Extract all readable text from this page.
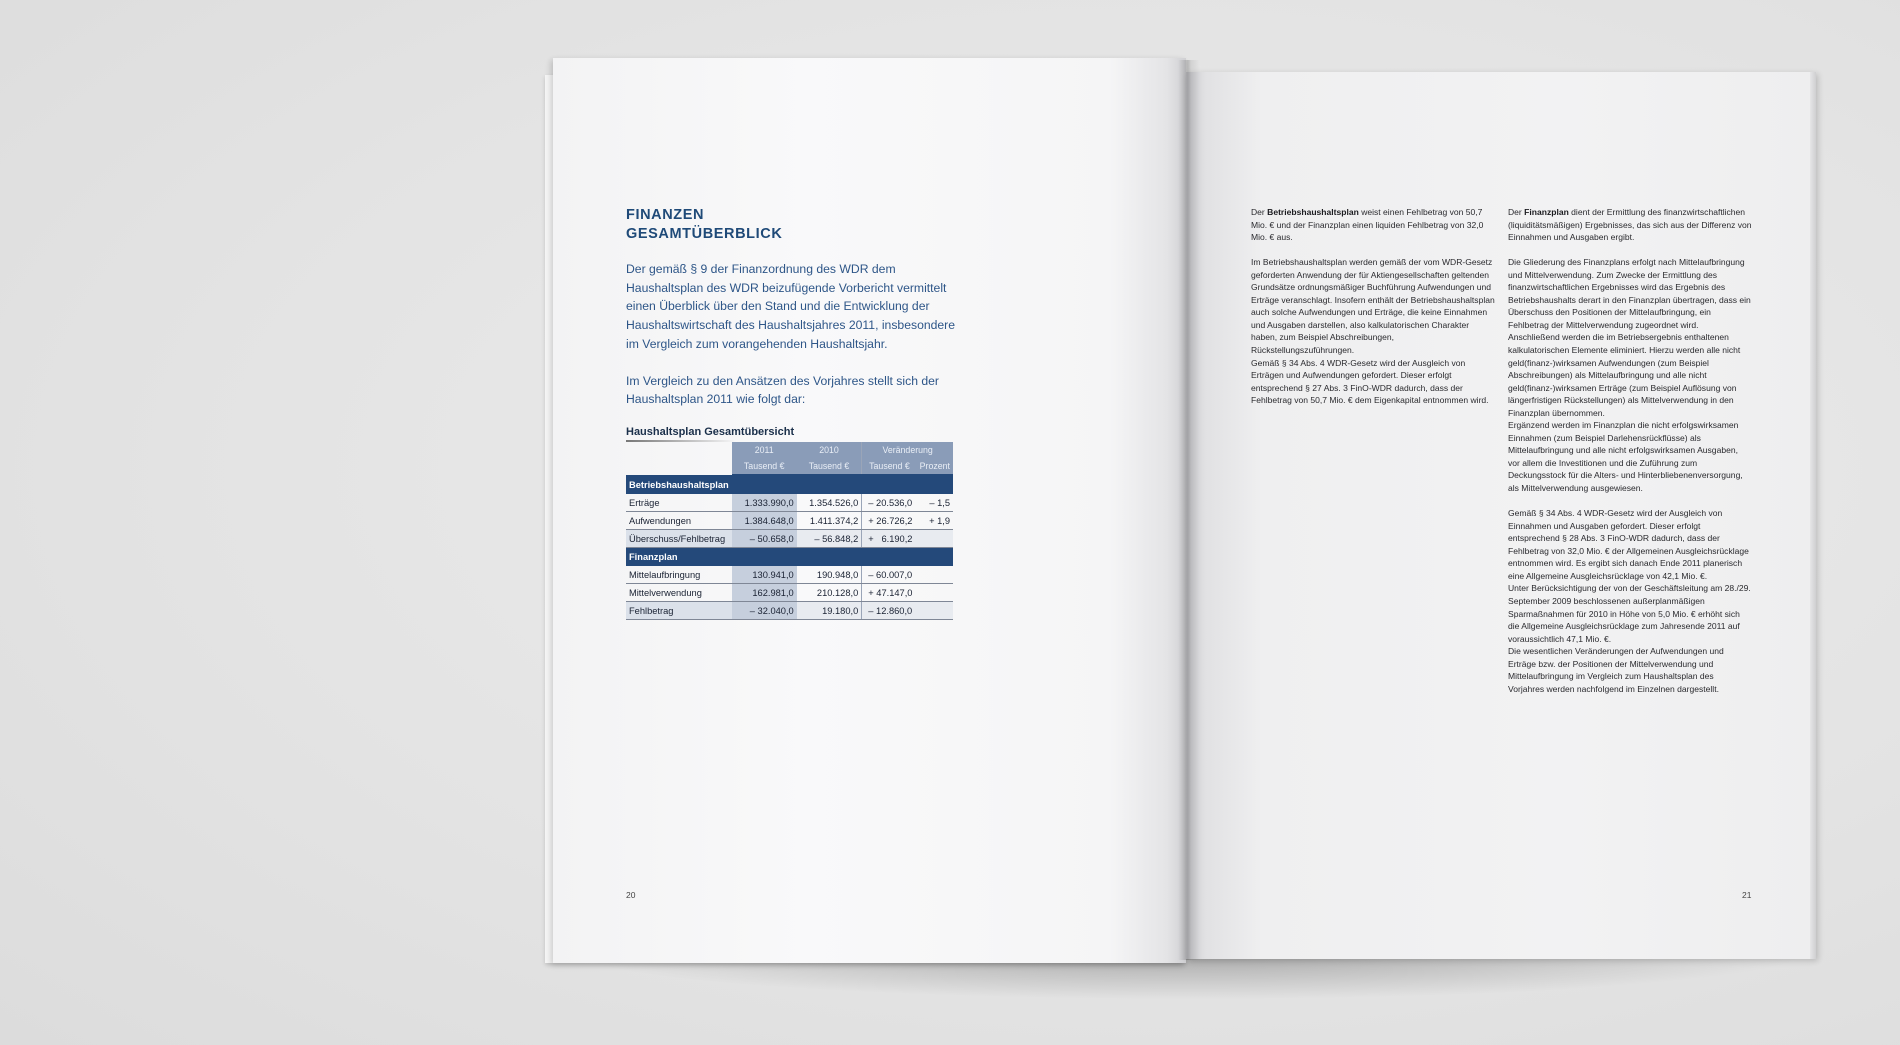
FINANZEN
GESAMTÜBERBLICK

Der gemäß § 9 der Finanzordnung des WDR dem Haushaltsplan des WDR beizufügende Vorbericht vermittelt einen Überblick über den Stand und die Entwicklung der Haushaltswirtschaft des Haushaltsjahres 2011, insbesondere im Vergleich zum vorangehenden Haushaltsjahr.

Im Vergleich zu den Ansätzen des Vorjahres stellt sich der Haushaltsplan 2011 wie folgt dar:

Haushaltsplan Gesamtübersicht
	2011	2010	Veränderung	
	Tausend €	Tausend €	Tausend €	Prozent
Betriebshaushaltsplan				
Erträge	1.333.990,0	1.354.526,0	– 20.536,0	– 1,5
Aufwendungen	1.384.648,0	1.411.374,2	+ 26.726,2	+ 1,9
Überschuss/Fehlbetrag	– 50.658,0	– 56.848,2	+   6.190,2	
Finanzplan				
Mittelaufbringung	130.941,0	190.948,0	– 60.007,0	
Mittelverwendung	162.981,0	210.128,0	+ 47.147,0	
Fehlbetrag	– 32.040,0	19.180,0	– 12.860,0	
20

Der Betriebshaushaltsplan weist einen Fehlbetrag von 50,7 Mio. € und der Finanzplan einen liquiden Fehlbetrag von 32,0 Mio. € aus.

Im Betriebshaushaltsplan werden gemäß der vom WDR-Gesetz geforderten Anwendung der für Aktiengesellschaften geltenden Grundsätze ordnungsmäßiger Buchführung Aufwendungen und Erträge veranschlagt. Insofern enthält der Betriebshaushaltsplan auch solche Aufwendungen und Erträge, die keine Einnahmen und Ausgaben darstellen, also kalkulatorischen Charakter haben, zum Beispiel Abschreibungen, Rückstellungszuführungen.

Gemäß § 34 Abs. 4 WDR-Gesetz wird der Ausgleich von Erträgen und Aufwendungen gefordert. Dieser erfolgt entsprechend § 27 Abs. 3 FinO-WDR dadurch, dass der Fehlbetrag von 50,7 Mio. € dem Eigenkapital entnommen wird.

Der Finanzplan dient der Ermittlung des finanzwirtschaftlichen (liquiditätsmäßigen) Ergebnisses, das sich aus der Differenz von Einnahmen und Ausgaben ergibt.

Die Gliederung des Finanzplans erfolgt nach Mittelaufbringung und Mittelverwendung. Zum Zwecke der Ermittlung des finanzwirtschaftlichen Ergebnisses wird das Ergebnis des Betriebshaushalts derart in den Finanzplan übertragen, dass ein Überschuss den Positionen der Mittelaufbringung, ein Fehlbetrag der Mittelverwendung zugeordnet wird. Anschließend werden die im Betriebsergebnis enthaltenen kalkulatorischen Elemente eliminiert. Hierzu werden alle nicht geld(finanz-)wirksamen Aufwendungen (zum Beispiel Abschreibungen) als Mittelaufbringung und alle nicht geld(finanz-)wirksamen Erträge (zum Beispiel Auflösung von längerfristigen Rückstellungen) als Mittelverwendung in den Finanzplan übernommen.

Ergänzend werden im Finanzplan die nicht erfolgswirksamen Einnahmen (zum Beispiel Darlehensrückflüsse) als Mittelaufbringung und alle nicht erfolgswirksamen Ausgaben, vor allem die Investitionen und die Zuführung zum Deckungsstock für die Alters- und Hinterbliebenenversorgung, als Mittelverwendung ausgewiesen.

Gemäß § 34 Abs. 4 WDR-Gesetz wird der Ausgleich von Einnahmen und Ausgaben gefordert. Dieser erfolgt entsprechend § 28 Abs. 3 FinO-WDR dadurch, dass der Fehlbetrag von 32,0 Mio. € der Allgemeinen Ausgleichsrücklage entnommen wird. Es ergibt sich danach Ende 2011 planerisch eine Allgemeine Ausgleichsrücklage von 42,1 Mio. €.

Unter Berücksichtigung der von der Geschäftsleitung am 28./29. September 2009 beschlossenen außerplanmäßigen Sparmaßnahmen für 2010 in Höhe von 5,0 Mio. € erhöht sich die Allgemeine Ausgleichsrücklage zum Jahresende 2011 auf voraussichtlich 47,1 Mio. €.

Die wesentlichen Veränderungen der Aufwendungen und Erträge bzw. der Positionen der Mittelverwendung und Mittelaufbringung im Vergleich zum Haushaltsplan des Vorjahres werden nachfolgend im Einzelnen dargestellt.

21
